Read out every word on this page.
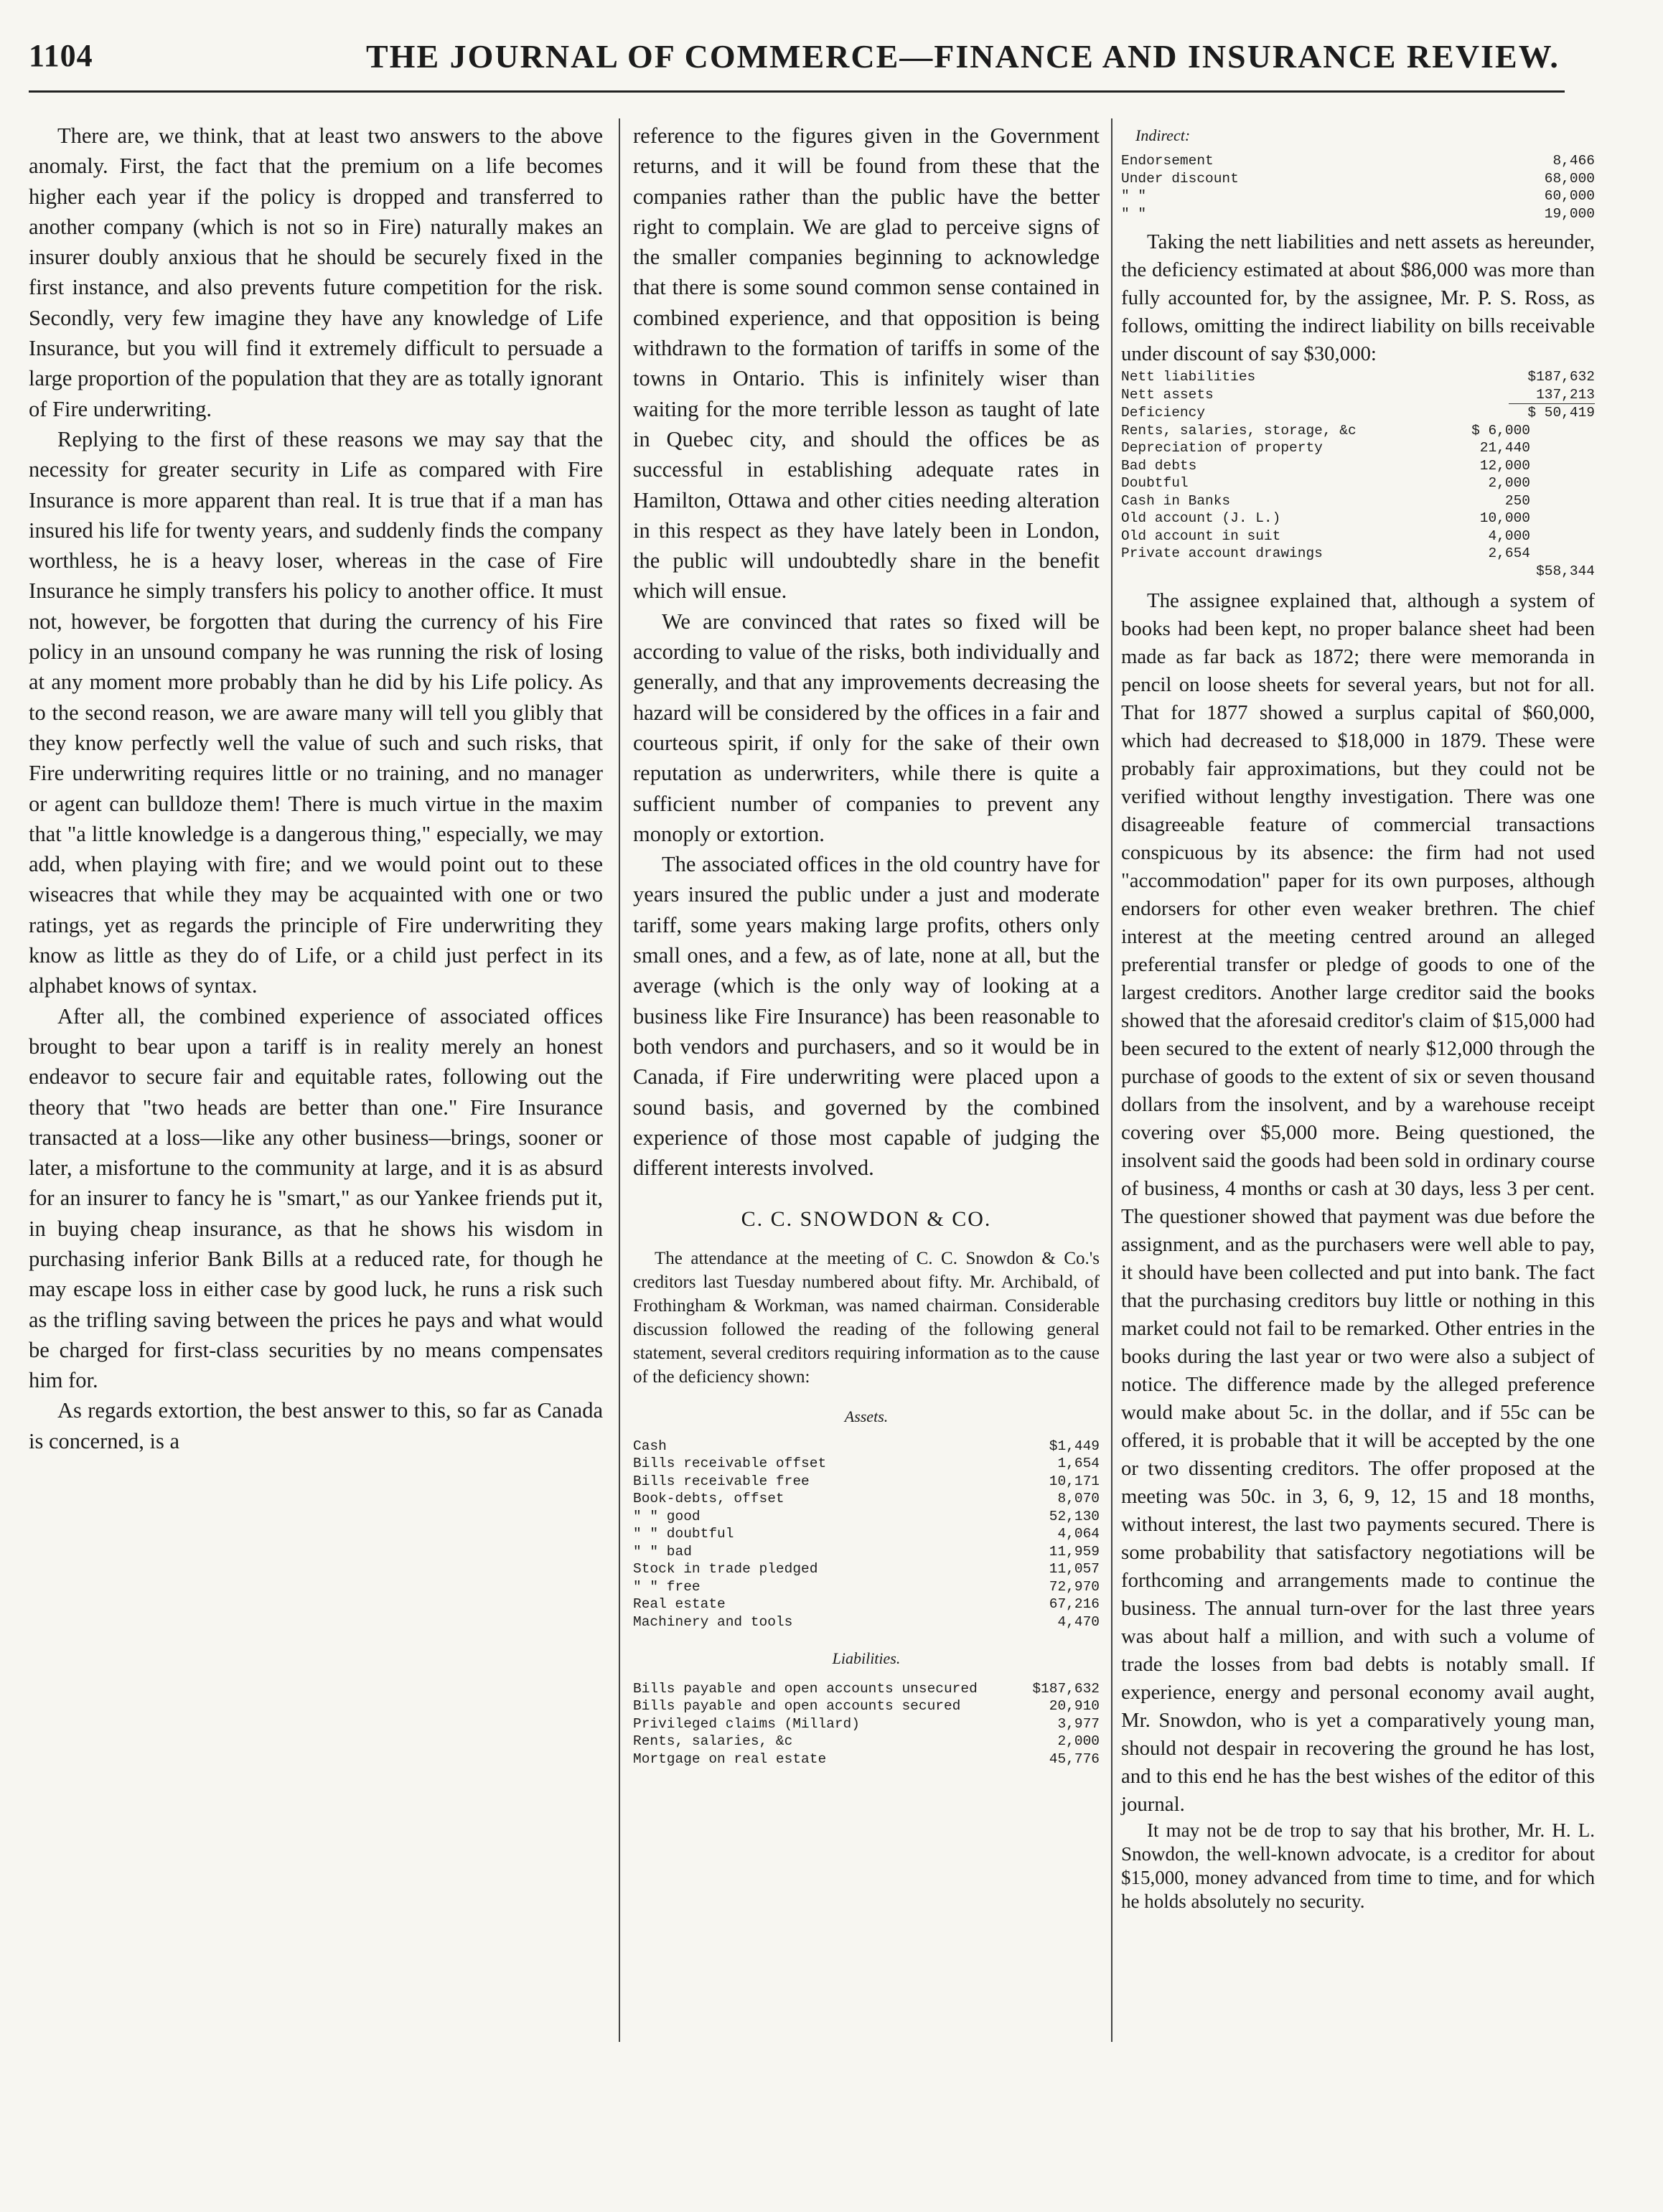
1104	THE JOURNAL OF COMMERCE—FINANCE AND INSURANCE REVIEW.

There are, we think, that at least two answers to the above anomaly. First, the fact that the premium on a life becomes higher each year if the policy is dropped and transferred to another company (which is not so in Fire) naturally makes an insurer doubly anxious that he should be securely fixed in the first instance, and also prevents future competition for the risk. Secondly, very few imagine they have any knowledge of Life Insurance, but you will find it extremely difficult to persuade a large proportion of the population that they are as totally ignorant of Fire underwriting.

Replying to the first of these reasons we may say that the necessity for greater security in Life as compared with Fire Insurance is more apparent than real. It is true that if a man has insured his life for twenty years, and suddenly finds the company worthless, he is a heavy loser, whereas in the case of Fire Insurance he simply transfers his policy to another office. It must not, however, be forgotten that during the currency of his Fire policy in an unsound company he was running the risk of losing at any moment more probably than he did by his Life policy. As to the second reason, we are aware many will tell you glibly that they know perfectly well the value of such and such risks, that Fire underwriting requires little or no training, and no manager or agent can bulldoze them! There is much virtue in the maxim that "a little knowledge is a dangerous thing," especially, we may add, when playing with fire; and we would point out to these wiseacres that while they may be acquainted with one or two ratings, yet as regards the principle of Fire underwriting they know as little as they do of Life, or a child just perfect in its alphabet knows of syntax.

After all, the combined experience of associated offices brought to bear upon a tariff is in reality merely an honest endeavor to secure fair and equitable rates, following out the theory that "two heads are better than one." Fire Insurance transacted at a loss—like any other business—brings, sooner or later, a misfortune to the community at large, and it is as absurd for an insurer to fancy he is "smart," as our Yankee friends put it, in buying cheap insurance, as that he shows his wisdom in purchasing inferior Bank Bills at a reduced rate, for though he may escape loss in either case by good luck, he runs a risk such as the trifling saving between the prices he pays and what would be charged for first-class securities by no means compensates him for.

As regards extortion, the best answer to this, so far as Canada is concerned, is a

reference to the figures given in the Government returns, and it will be found from these that the companies rather than the public have the better right to complain. We are glad to perceive signs of the smaller companies beginning to acknowledge that there is some sound common sense contained in combined experience, and that opposition is being withdrawn to the formation of tariffs in some of the towns in Ontario. This is infinitely wiser than waiting for the more terrible lesson as taught of late in Quebec city, and should the offices be as successful in establishing adequate rates in Hamilton, Ottawa and other cities needing alteration in this respect as they have lately been in London, the public will undoubtedly share in the benefit which will ensue.

We are convinced that rates so fixed will be according to value of the risks, both individually and generally, and that any improvements decreasing the hazard will be considered by the offices in a fair and courteous spirit, if only for the sake of their own reputation as underwriters, while there is quite a sufficient number of companies to prevent any monoply or extortion.

The associated offices in the old country have for years insured the public under a just and moderate tariff, some years making large profits, others only small ones, and a few, as of late, none at all, but the average (which is the only way of looking at a business like Fire Insurance) has been reasonable to both vendors and purchasers, and so it would be in Canada, if Fire underwriting were placed upon a sound basis, and governed by the combined experience of those most capable of judging the different interests involved.

C. C. SNOWDON & CO.

The attendance at the meeting of C. C. Snowdon & Co.'s creditors last Tuesday numbered about fifty. Mr. Archibald, of Frothingham & Workman, was named chairman. Considerable discussion followed the reading of the following general statement, several creditors requiring information as to the cause of the deficiency shown:

Assets.
Cash	$1,449
Bills receivable offset	1,654
Bills receivable free	10,171
Book-debts, offset	8,070
" " good	52,130
" " doubtful	4,064
" " bad	11,959
Stock in trade pledged	11,057
" " free	72,970
Real estate	67,216
Machinery and tools	4,470
Liabilities.
Bills payable and open accounts unsecured	$187,632
Bills payable and open accounts secured	20,910
Privileged claims (Millard)	3,977
Rents, salaries, &c	2,000
Mortgage on real estate	45,776
Indirect:
Endorsement	8,466
Under discount	68,000
" "	60,000
" "	19,000

Taking the nett liabilities and nett assets as hereunder, the deficiency estimated at about $86,000 was more than fully accounted for, by the assignee, Mr. P. S. Ross, as follows, omitting the indirect liability on bills receivable under discount of say $30,000:

Nett liabilities	$187,632
Nett assets	137,213
Deficiency	$ 50,419
Rents, salaries, storage, &c	$ 6,000
Depreciation of property	21,440
Bad debts	12,000
Doubtful	2,000
Cash in Banks	250
Old account (J. L.)	10,000
Old account in suit	4,000
Private account drawings	2,654
$58,344

The assignee explained that, although a system of books had been kept, no proper balance sheet had been made as far back as 1872; there were memoranda in pencil on loose sheets for several years, but not for all. That for 1877 showed a surplus capital of $60,000, which had decreased to $18,000 in 1879. These were probably fair approximations, but they could not be verified without lengthy investigation. There was one disagreeable feature of commercial transactions conspicuous by its absence: the firm had not used "accommodation" paper for its own purposes, although endorsers for other even weaker brethren. The chief interest at the meeting centred around an alleged preferential transfer or pledge of goods to one of the largest creditors. Another large creditor said the books showed that the aforesaid creditor's claim of $15,000 had been secured to the extent of nearly $12,000 through the purchase of goods to the extent of six or seven thousand dollars from the insolvent, and by a warehouse receipt covering over $5,000 more. Being questioned, the insolvent said the goods had been sold in ordinary course of business, 4 months or cash at 30 days, less 3 per cent. The questioner showed that payment was due before the assignment, and as the purchasers were well able to pay, it should have been collected and put into bank. The fact that the purchasing creditors buy little or nothing in this market could not fail to be remarked. Other entries in the books during the last year or two were also a subject of notice. The difference made by the alleged preference would make about 5c. in the dollar, and if 55c can be offered, it is probable that it will be accepted by the one or two dissenting creditors. The offer proposed at the meeting was 50c. in 3, 6, 9, 12, 15 and 18 months, without interest, the last two payments secured. There is some probability that satisfactory negotiations will be forthcoming and arrangements made to continue the business. The annual turn-over for the last three years was about half a million, and with such a volume of trade the losses from bad debts is notably small. If experience, energy and personal economy avail aught, Mr. Snowdon, who is yet a comparatively young man, should not despair in recovering the ground he has lost, and to this end he has the best wishes of the editor of this journal.

It may not be de trop to say that his brother, Mr. H. L. Snowdon, the well-known advocate, is a creditor for about $15,000, money advanced from time to time, and for which he holds absolutely no security.
